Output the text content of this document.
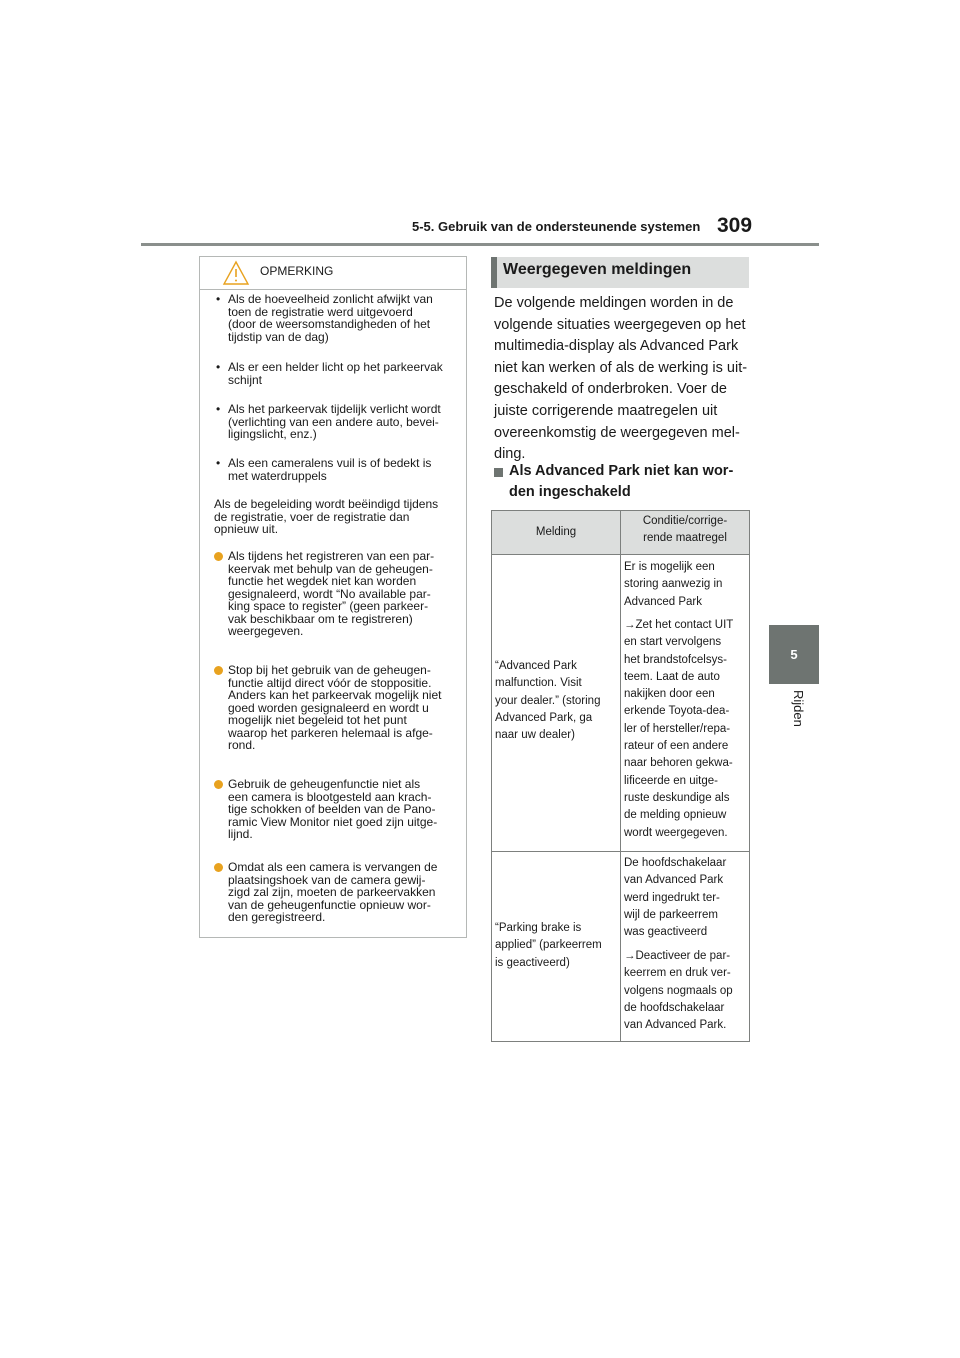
5-5. Gebruik van de ondersteunende systemen 309
5
Rijden
OPMERKING

• Als de hoeveelheid zonlicht afwijkt van
toen de registratie werd uitgevoerd
(door de weersomstandigheden of het
tijdstip van de dag)

• Als er een helder licht op het parkeervak
schijnt

• Als het parkeervak tijdelijk verlicht wordt
(verlichting van een andere auto, bevei-
ligingslicht, enz.)

• Als een cameralens vuil is of bedekt is
met waterdruppels

Als de begeleiding wordt beëindigd tijdens
de registratie, voer de registratie dan
opnieuw uit.

Als tijdens het registreren van een par-
keervak met behulp van de geheugen-
functie het wegdek niet kan worden
gesignaleerd, wordt “No available par-
king space to register” (geen parkeer-
vak beschikbaar om te registreren)
weergegeven.

Stop bij het gebruik van de geheugen-
functie altijd direct vóór de stoppositie.
Anders kan het parkeervak mogelijk niet
goed worden gesignaleerd en wordt u
mogelijk niet begeleid tot het punt
waarop het parkeren helemaal is afge-
rond.

Gebruik de geheugenfunctie niet als
een camera is blootgesteld aan krach-
tige schokken of beelden van de Pano-
ramic View Monitor niet goed zijn uitge-
lijnd.

Omdat als een camera is vervangen de
plaatsingshoek van de camera gewij-
zigd zal zijn, moeten de parkeervakken
van de geheugenfunctie opnieuw wor-
den geregistreerd.

Weergegeven meldingen
De volgende meldingen worden in de
volgende situaties weergegeven op het
multimedia-display als Advanced Park
niet kan werken of als de werking is uit-
geschakeld of onderbroken. Voer de
juiste corrigerende maatregelen uit
overeenkomstig de weergegeven mel-
ding.
Als Advanced Park niet kan wor-
den ingeschakeld
Melding
Conditie/corrige-
rende maatregel
“Advanced Park
malfunction. Visit
your dealer.” (storing
Advanced Park, ga
naar uw dealer)
Er is mogelijk een
storing aanwezig in
Advanced Park
→Zet het contact UIT
en start vervolgens
het brandstofcelsys-
teem. Laat de auto
nakijken door een
erkende Toyota-dea-
ler of hersteller/repa-
rateur of een andere
naar behoren gekwa-
lificeerde en uitge-
ruste deskundige als
de melding opnieuw
wordt weergegeven.
“Parking brake is
applied” (parkeerrem
is geactiveerd)
De hoofdschakelaar
van Advanced Park
werd ingedrukt ter-
wijl de parkeerrem
was geactiveerd
→Deactiveer de par-
keerrem en druk ver-
volgens nogmaals op
de hoofdschakelaar
van Advanced Park.
